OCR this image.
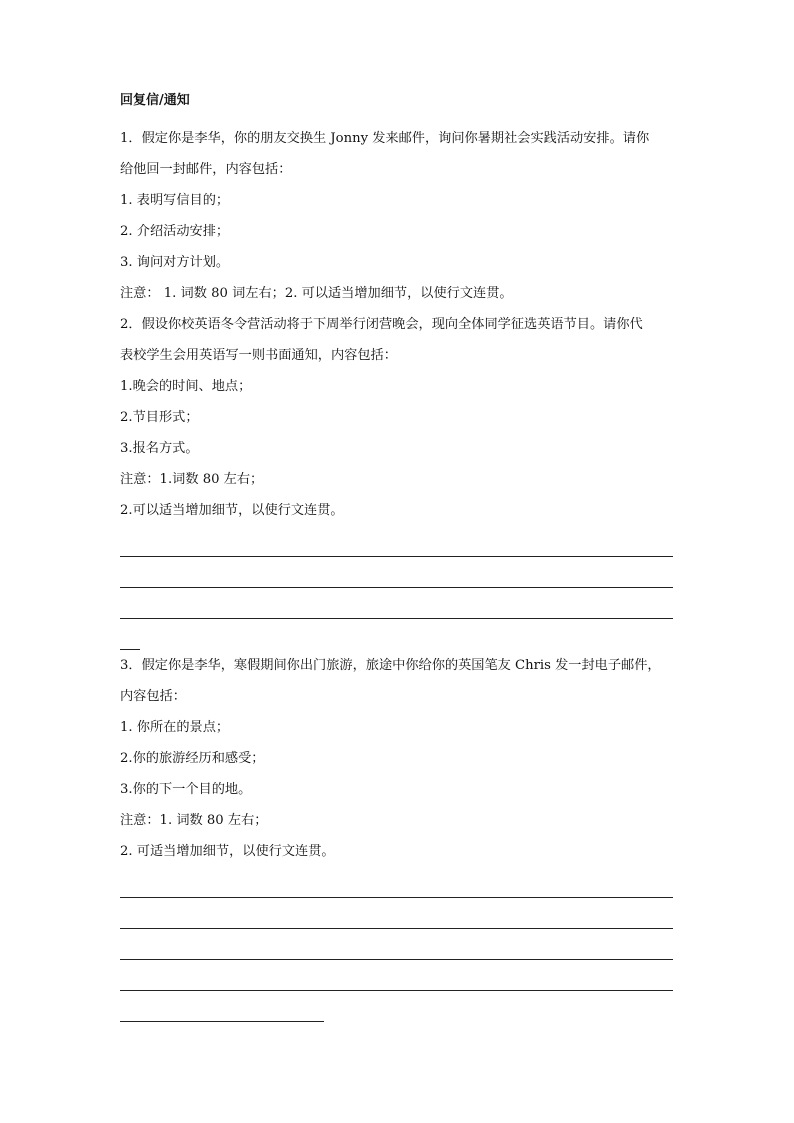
回复信/通知
1．假定你是李华，你的朋友交换生 Jonny 发来邮件，询问你暑期社会实践活动安排。请你
给他回一封邮件，内容包括：
1. 表明写信目的；
2. 介绍活动安排；
3. 询问对方计划。
注意： 1. 词数 80 词左右；2. 可以适当增加细节，以使行文连贯。
2．假设你校英语冬令营活动将于下周举行闭营晚会，现向全体同学征选英语节目。请你代
表校学生会用英语写一则书面通知，内容包括：
1.晚会的时间、地点；
2.节目形式；
3.报名方式。
注意：1.词数 80 左右；
2.可以适当增加细节，以使行文连贯。
3．假定你是李华，寒假期间你出门旅游，旅途中你给你的英国笔友 Chris 发一封电子邮件，
内容包括：
1. 你所在的景点；
2.你的旅游经历和感受；
3.你的下一个目的地。
注意：1. 词数 80 左右；
2. 可适当增加细节，以使行文连贯。
